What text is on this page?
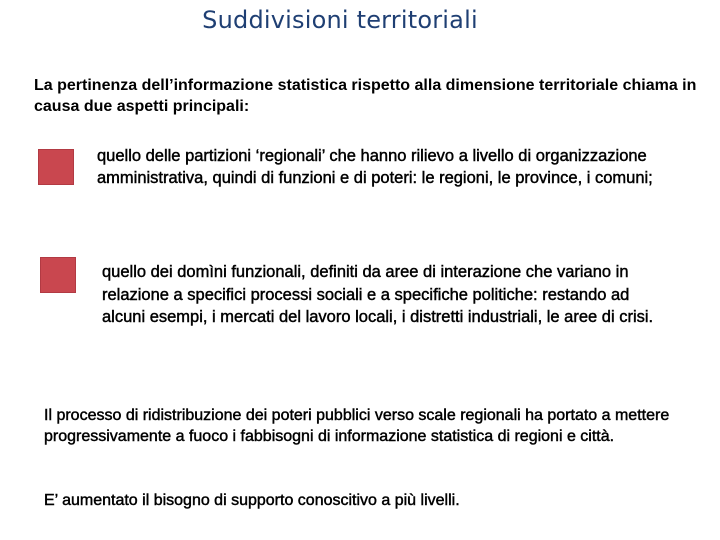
Suddivisioni territoriali

La pertinenza dell’informazione statistica rispetto alla dimensione territoriale chiama in causa due aspetti principali:

quello delle partizioni ‘regionali’ che hanno rilievo a livello di organizzazione amministrativa, quindi di funzioni e di poteri: le regioni, le province, i comuni;

quello dei domìni funzionali, definiti da aree di interazione che variano in relazione a specifici processi sociali e a specifiche politiche: restando ad alcuni esempi, i mercati del lavoro locali, i distretti industriali, le aree di crisi.

Il processo di ridistribuzione dei poteri pubblici verso scale regionali ha portato a mettere progressivamente a fuoco i fabbisogni di informazione statistica di regioni e città.

E’ aumentato il bisogno di supporto conoscitivo a più livelli.
